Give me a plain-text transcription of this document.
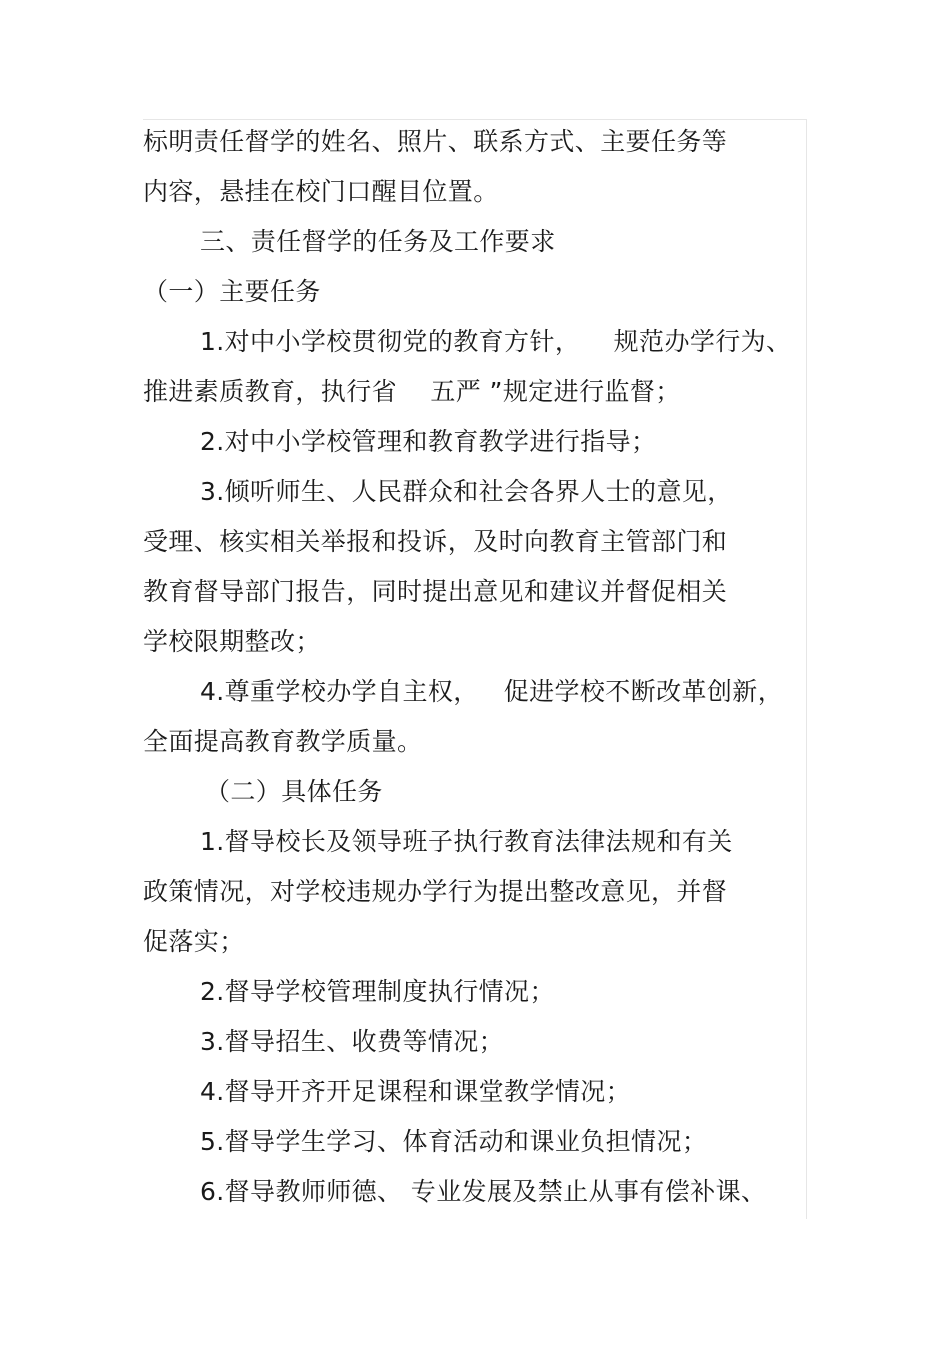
标明责任督学的姓名、照片、联系方式、主要任务等
内容，悬挂在校门口醒目位置。
三、责任督学的任务及工作要求
（一）主要任务
1.对中小学校贯彻党的教育方针，    规范办学行为、
推进素质教育，执行省    五严 ”规定进行监督；
2.对中小学校管理和教育教学进行指导；
3.倾听师生、人民群众和社会各界人士的意见，
受理、核实相关举报和投诉，及时向教育主管部门和
教育督导部门报告，同时提出意见和建议并督促相关
学校限期整改；
4.尊重学校办学自主权，   促进学校不断改革创新，
全面提高教育教学质量。
（二）具体任务
1.督导校长及领导班子执行教育法律法规和有关
政策情况，对学校违规办学行为提出整改意见，并督
促落实；
2.督导学校管理制度执行情况；
3.督导招生、收费等情况；
4.督导开齐开足课程和课堂教学情况；
5.督导学生学习、体育活动和课业负担情况；
6.督导教师师德、 专业发展及禁止从事有偿补课、
